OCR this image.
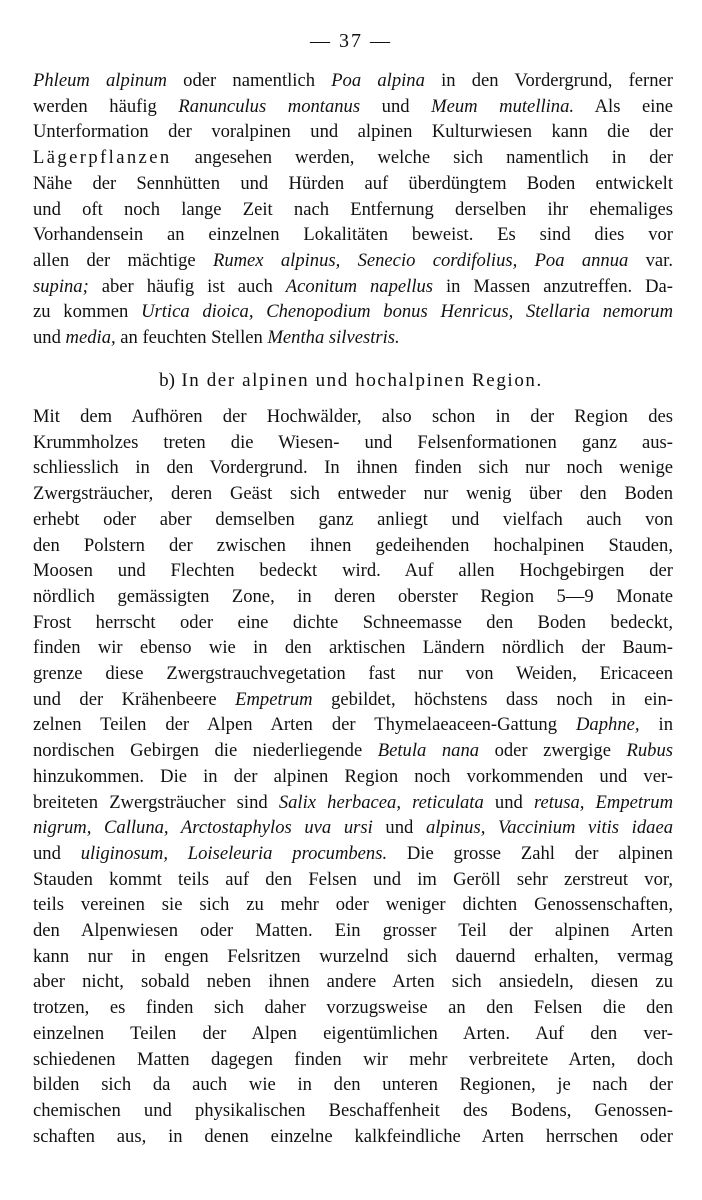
— 37 —

Phleum alpinum oder namentlich Poa alpina in den Vordergrund, ferner
werden häufig Ranunculus montanus und Meum mutellina. Als eine
Unterformation der voralpinen und alpinen Kulturwiesen kann die der
Lägerpflanzen angesehen werden, welche sich namentlich in der
Nähe der Sennhütten und Hürden auf überdüngtem Boden entwickelt
und oft noch lange Zeit nach Entfernung derselben ihr ehemaliges
Vorhandensein an einzelnen Lokalitäten beweist. Es sind dies vor
allen der mächtige Rumex alpinus, Senecio cordifolius, Poa annua var.
supina; aber häufig ist auch Aconitum napellus in Massen anzutreffen. Da-
zu kommen Urtica dioica, Chenopodium bonus Henricus, Stellaria nemorum
und media, an feuchten Stellen Mentha silvestris.

b) In der alpinen und hochalpinen Region.

Mit dem Aufhören der Hochwälder, also schon in der Region des
Krummholzes treten die Wiesen- und Felsenformationen ganz aus-
schliesslich in den Vordergrund. In ihnen finden sich nur noch wenige
Zwergsträucher, deren Geäst sich entweder nur wenig über den Boden
erhebt oder aber demselben ganz anliegt und vielfach auch von
den Polstern der zwischen ihnen gedeihenden hochalpinen Stauden,
Moosen und Flechten bedeckt wird. Auf allen Hochgebirgen der
nördlich gemässigten Zone, in deren oberster Region 5—9 Monate
Frost herrscht oder eine dichte Schneemasse den Boden bedeckt,
finden wir ebenso wie in den arktischen Ländern nördlich der Baum-
grenze diese Zwergstrauchvegetation fast nur von Weiden, Ericaceen
und der Krähenbeere Empetrum gebildet, höchstens dass noch in ein-
zelnen Teilen der Alpen Arten der Thymelaeaceen-Gattung Daphne, in
nordischen Gebirgen die niederliegende Betula nana oder zwergige Rubus
hinzukommen. Die in der alpinen Region noch vorkommenden und ver-
breiteten Zwergsträucher sind Salix herbacea, reticulata und retusa, Empetrum
nigrum, Calluna, Arctostaphylos uva ursi und alpinus, Vaccinium vitis idaea
und uliginosum, Loiseleuria procumbens. Die grosse Zahl der alpinen
Stauden kommt teils auf den Felsen und im Geröll sehr zerstreut vor,
teils vereinen sie sich zu mehr oder weniger dichten Genossenschaften,
den Alpenwiesen oder Matten. Ein grosser Teil der alpinen Arten
kann nur in engen Felsritzen wurzelnd sich dauernd erhalten, vermag
aber nicht, sobald neben ihnen andere Arten sich ansiedeln, diesen zu
trotzen, es finden sich daher vorzugsweise an den Felsen die den
einzelnen Teilen der Alpen eigentümlichen Arten. Auf den ver-
schiedenen Matten dagegen finden wir mehr verbreitete Arten, doch
bilden sich da auch wie in den unteren Regionen, je nach der
chemischen und physikalischen Beschaffenheit des Bodens, Genossen-
schaften aus, in denen einzelne kalkfeindliche Arten herrschen oder
